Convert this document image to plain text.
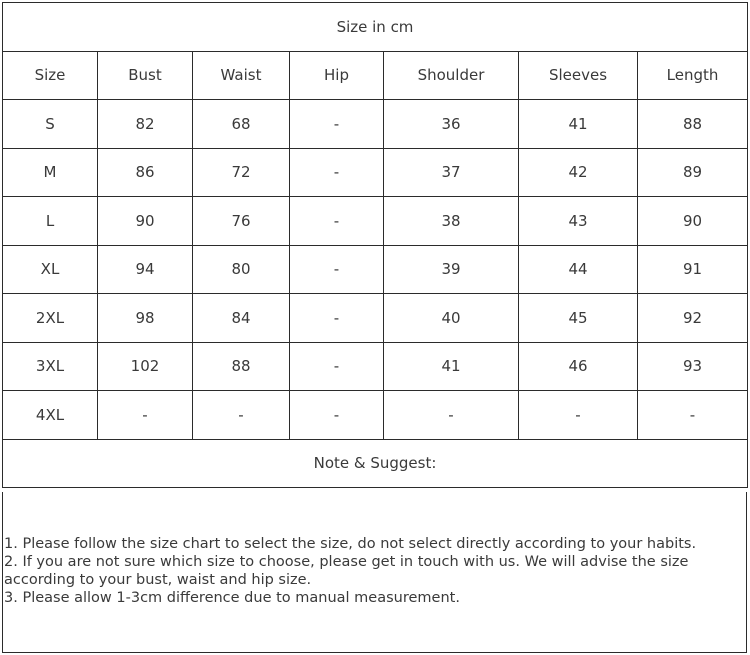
Size in cm						
Size	Bust	Waist	Hip	Shoulder	Sleeves	Length
S	82	68	-	36	41	88
M	86	72	-	37	42	89
L	90	76	-	38	43	90
XL	94	80	-	39	44	91
2XL	98	84	-	40	45	92
3XL	102	88	-	41	46	93
4XL	-	-	-	-	-	-
Note & Suggest:						
1. Please follow the size chart to select the size, do not select directly according to your habits.
2. If you are not sure which size to choose, please get in touch with us. We will advise the size according to your bust, waist and hip size.
3. Please allow 1-3cm difference due to manual measurement.
